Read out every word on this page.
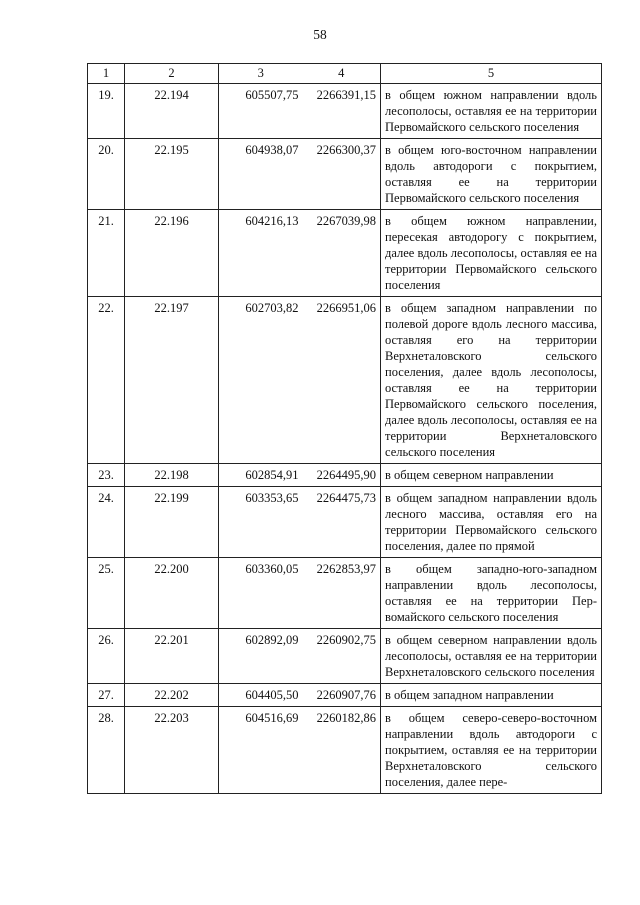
58
1	2	3	4	5
19.	22.194	605507,75	2266391,15	в общем южном направлении вдоль лесополосы, оставляя ее на территории Первомайского сельского поселения
20.	22.195	604938,07	2266300,37	в общем юго-восточном направлении вдоль автодороги с покрытием, оставляя ее на территории Первомайского сельского поселения
21.	22.196	604216,13	2267039,98	в общем южном направлении, пересекая автодорогу с покрытием, далее вдоль лесополосы, оставляя ее на территории Первомайского сельского поселения
22.	22.197	602703,82	2266951,06	в общем западном направлении по полевой дороге вдоль лесного массива, оставляя его на территории Верхнеталовского сельского поселения, далее вдоль лесополосы, оставляя ее на территории Первомайского сельского поселения, далее вдоль лесополосы, оставляя ее на территории Верхнеталовского сельского поселения
23.	22.198	602854,91	2264495,90	в общем северном направлении
24.	22.199	603353,65	2264475,73	в общем западном направлении вдоль лесного массива, оставляя его на территории Первомайского сельского поселения, далее по прямой
25.	22.200	603360,05	2262853,97	в общем западно-юго-западном направлении вдоль лесополосы, оставляя ее на территории Первомайского сельского поселения
26.	22.201	602892,09	2260902,75	в общем северном направлении вдоль лесополосы, оставляя ее на территории Верхнеталовского сельского поселения
27.	22.202	604405,50	2260907,76	в общем западном направлении
28.	22.203	604516,69	2260182,86	в общем северо-северо-восточном направлении вдоль автодороги с покрытием, оставляя ее на территории Верхнеталовского сельского поселения, далее пере-
